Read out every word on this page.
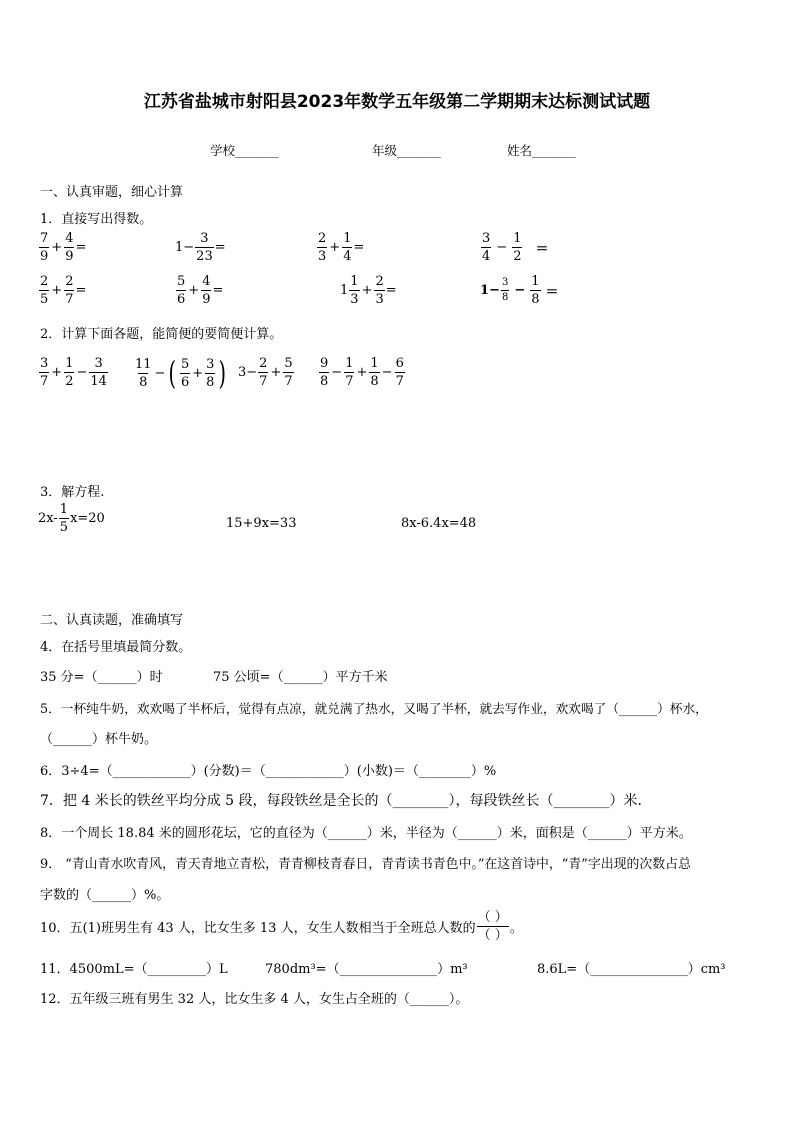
江苏省盐城市射阳县2023年数学五年级第二学期期末达标测试试题
学校_______	年级_______	姓名_______
一、认真审题，细心计算
1．直接写出得数。
$\frac{7}{9} + \frac{4}{9}$ =	$1- \frac{3}{23}$ =	$\frac{2}{3} + \frac{1}{4}$ =	$\frac{3}{4} - \frac{1}{2}$ ＝
$\frac{2}{5} + \frac{2}{7}$ =	$\frac{5}{6} + \frac{4}{9}$ =	$1 \frac{1}{3} + \frac{2}{3}$ =	$1- \frac{3}{8} - \frac{1}{8}$ ＝
2．计算下面各题，能简便的要简便计算。
$\frac{3}{7} + \frac{1}{2} - \frac{3}{14} \frac{11}{8}$ − ( $\frac{5}{6} + \frac{3}{8}$ ) $3- \frac{2}{7} + \frac{5}{7} \frac{9}{8} - \frac{1}{7} + \frac{1}{8} - \frac{6}{7}$
3．解方程.
$2x- \frac{1}{5} x=20$	15+9x=33	8x-6.4x=48
二、认真读题，准确填写
4．在括号里填最简分数。
35 分=（______）时	75 公顷=（______）平方千米
5．一杯纯牛奶，欢欢喝了半杯后，觉得有点凉，就兑满了热水，又喝了半杯，就去写作业，欢欢喝了（______）杯水，
（______）杯牛奶。
6．3÷4=（____________）(分数)＝（____________）(小数)＝（________）%
7．把 4 米长的铁丝平均分成 5 段，每段铁丝是全长的（________），每段铁丝长（________）米．
8．一个周长 18.84 米的圆形花坛，它的直径为（______）米，半径为（______）米，面积是（______）平方米。
9． “青山青水吹青风，青天青地立青松，青青柳枝青春日，青青读书青色中。”在这首诗中，“青”字出现的次数占总
字数的（______）%。
10．五(1)班男生有 43 人，比女生多 13 人，女生人数相当于全班总人数的 $\frac{( )}{( )}$ 。
11．4500mL=（_________）L	780dm³=（_______________）m³	8.6L=（_______________）cm³
12．五年级三班有男生 32 人，比女生多 4 人，女生占全班的（______）。
